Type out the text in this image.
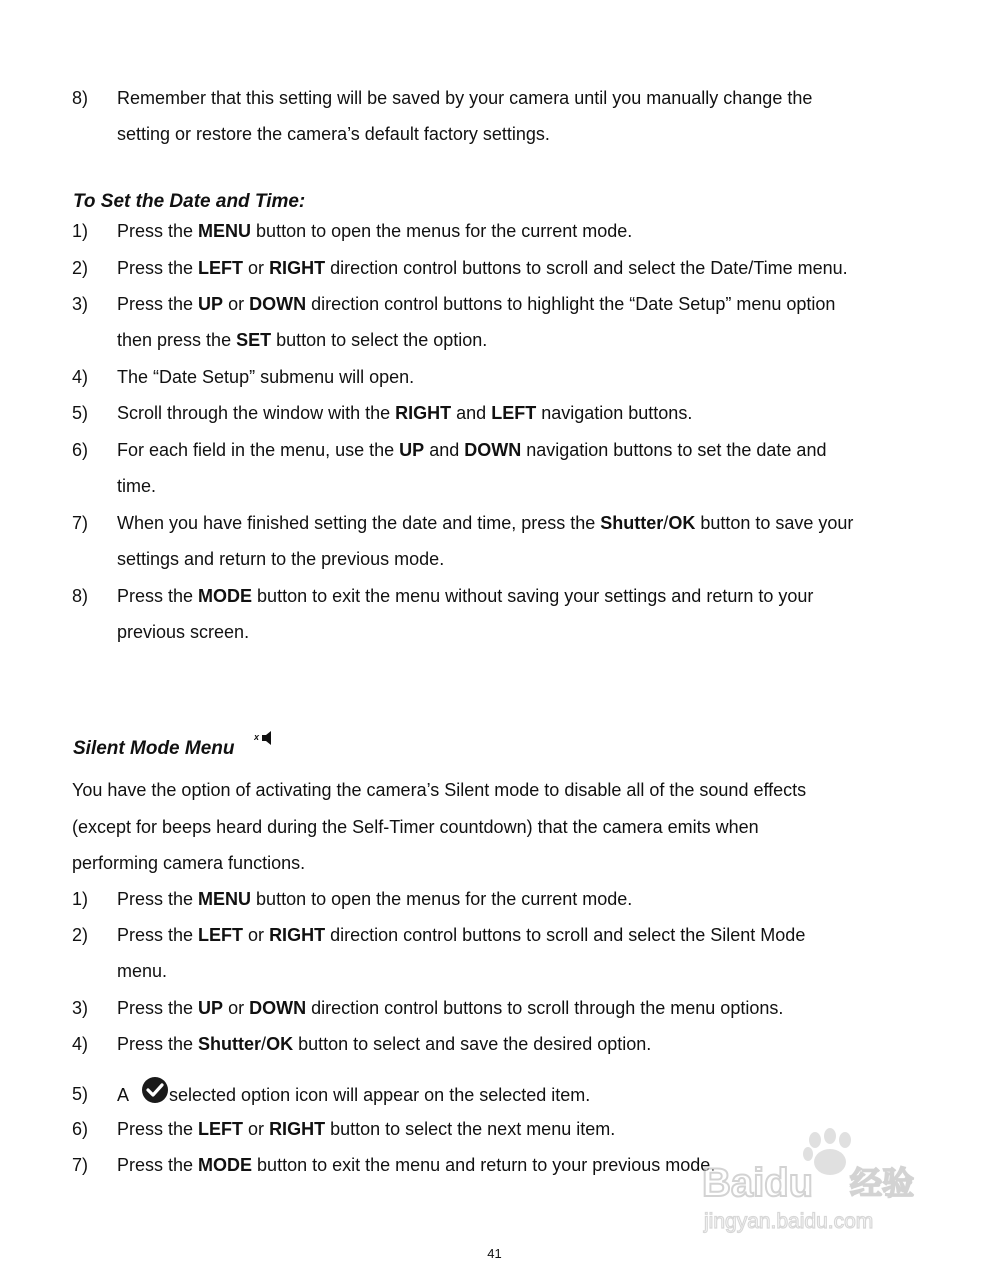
8)	Remember that this setting will be saved by your camera until you manually change the
setting or restore the camera’s default factory settings.
To Set the Date and Time:
1)	Press the MENU button to open the menus for the current mode.
2)	Press the LEFT or RIGHT direction control buttons to scroll and select the Date/Time menu.
3)	Press the UP or DOWN direction control buttons to highlight the “Date Setup” menu option
then press the SET button to select the option.
4)	The “Date Setup” submenu will open.
5)	Scroll through the window with the RIGHT and LEFT navigation buttons.
6)	For each field in the menu, use the UP and DOWN navigation buttons to set the date and
time.
7)	When you have finished setting the date and time, press the Shutter/OK button to save your
settings and return to the previous mode.
8)	Press the MODE button to exit the menu without saving your settings and return to your
previous screen.
Silent Mode Menu
x
You have the option of activating the camera’s Silent mode to disable all of the sound effects
(except for beeps heard during the Self-Timer countdown) that the camera emits when
performing camera functions.
1)	Press the MENU button to open the menus for the current mode.
2)	Press the LEFT or RIGHT direction control buttons to scroll and select the Silent Mode
menu.
3)	Press the UP or DOWN direction control buttons to scroll through the menu options.
4)	Press the Shutter/OK button to select and save the desired option.
5)	A selected option icon will appear on the selected item.
6)	Press the LEFT or RIGHT button to select the next menu item.
7)	Press the MODE button to exit the menu and return to your previous mode.
Baidu 经验
jingyan.baidu.com
41
